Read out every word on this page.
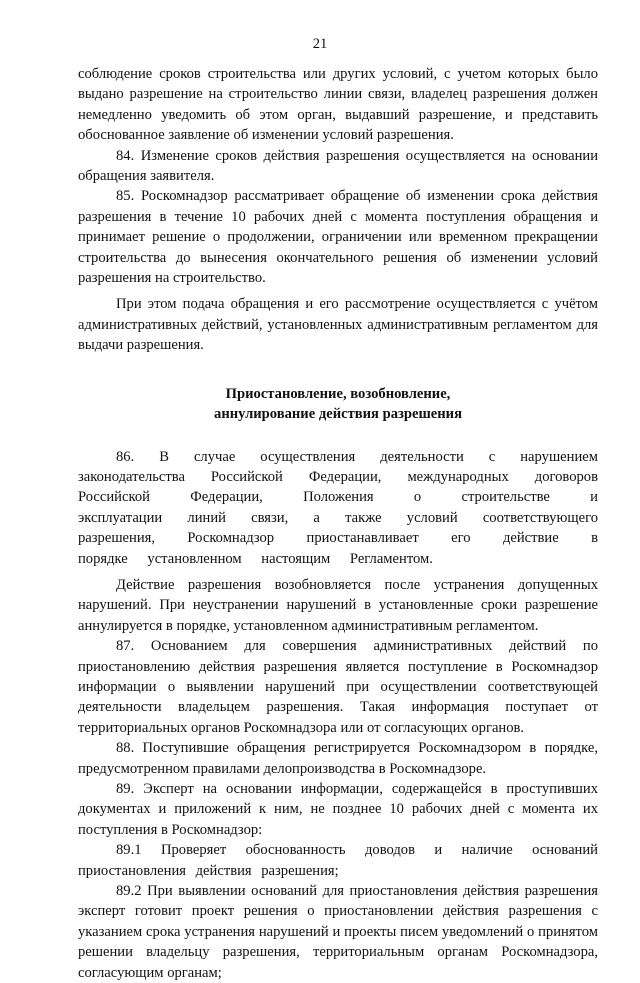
21

соблюдение сроков строительства или других условий, с учетом которых было выдано разрешение на строительство линии связи, владелец разрешения должен немедленно уведомить об этом орган, выдавший разрешение, и представить обоснованное заявление об изменении условий разрешения.

84. Изменение сроков действия разрешения осуществляется на основании обращения заявителя.

85. Роскомнадзор рассматривает обращение об изменении срока действия разрешения в течение 10 рабочих дней с момента поступления обращения и принимает решение о продолжении, ограничении или временном прекращении строительства до вынесения окончательного решения об изменении условий разрешения на строительство.

При этом подача обращения и его рассмотрение осуществляется с учётом административных действий, установленных административным регламентом для выдачи разрешения.

Приостановление, возобновление,
аннулирование действия разрешения

86. В случае осуществления деятельности с нарушением законодательства Российской Федерации, международных договоров Российской Федерации, Положения о строительстве и эксплуатации линий связи, а также условий соответствующего разрешения, Роскомнадзор приостанавливает его действие в порядке установленном настоящим Регламентом.

Действие разрешения возобновляется после устранения допущенных нарушений. При неустранении нарушений в установленные сроки разрешение аннулируется в порядке, установленном административным регламентом.

87. Основанием для совершения административных действий по приостановлению действия разрешения является поступление в Роскомнадзор информации о выявлении нарушений при осуществлении соответствующей деятельности владельцем разрешения. Такая информация поступает от территориальных органов Роскомнадзора или от согласующих органов.

88. Поступившие обращения регистрируется Роскомнадзором в порядке, предусмотренном правилами делопроизводства в Роскомнадзоре.

89. Эксперт на основании информации, содержащейся в проступивших документах и приложений к ним, не позднее 10 рабочих дней с момента их поступления в Роскомнадзор:

89.1 Проверяет обоснованность доводов и наличие оснований приостановления действия разрешения;

89.2 При выявлении оснований для приостановления действия разрешения эксперт готовит проект решения о приостановлении действия разрешения с указанием срока устранения нарушений и проекты писем уведомлений о принятом решении владельцу разрешения, территориальным органам Роскомнадзора, согласующим органам;
